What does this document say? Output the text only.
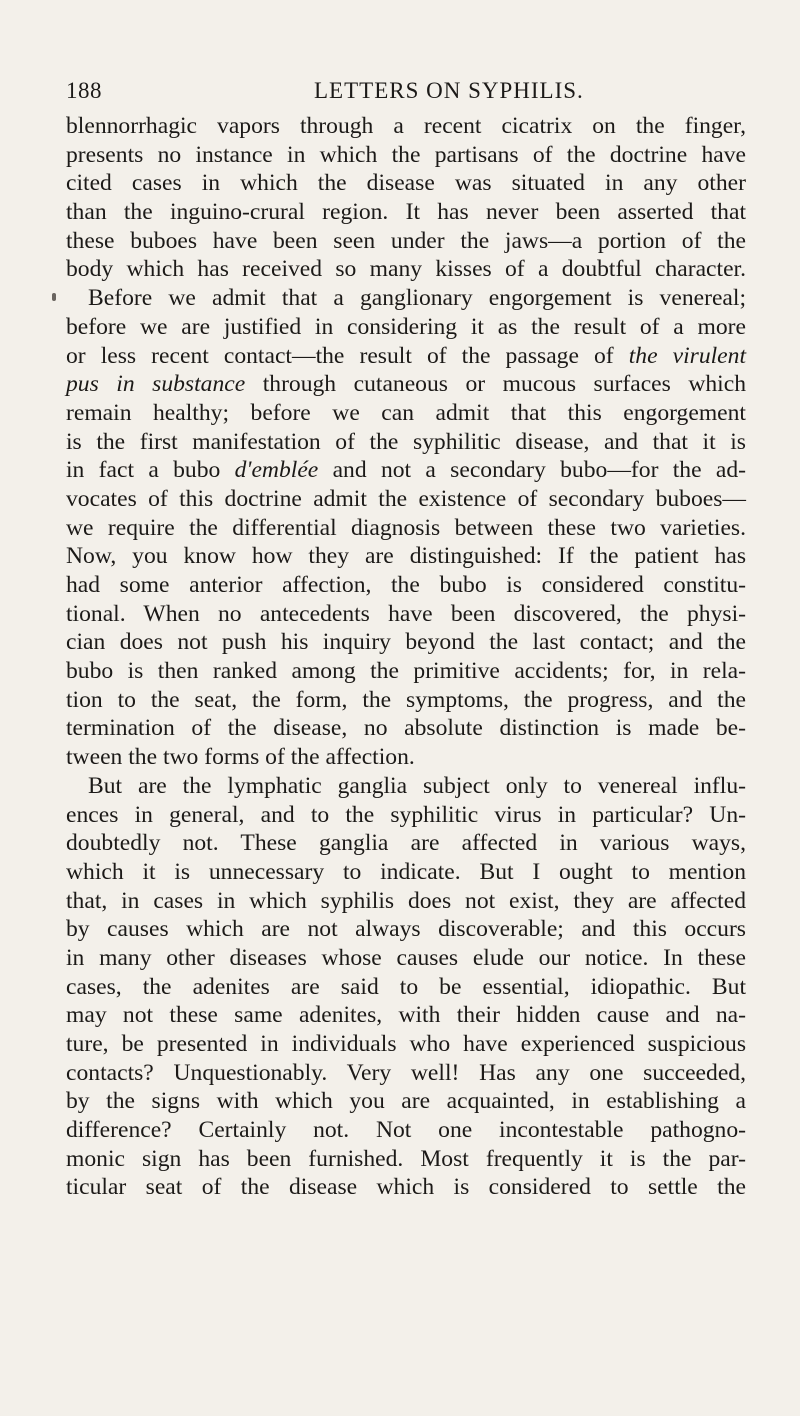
188	LETTERS ON SYPHILIS.
blennorrhagic vapors through a recent cicatrix on the finger,
presents no instance in which the partisans of the doctrine have
cited cases in which the disease was situated in any other
than the inguino-crural region. It has never been asserted that
these buboes have been seen under the jaws—a portion of the
body which has received so many kisses of a doubtful character.
Before we admit that a ganglionary engorgement is venereal;
before we are justified in considering it as the result of a more
or less recent contact—the result of the passage of the virulent
pus in substance through cutaneous or mucous surfaces which
remain healthy; before we can admit that this engorgement
is the first manifestation of the syphilitic disease, and that it is
in fact a bubo d'emblée and not a secondary bubo—for the ad-
vocates of this doctrine admit the existence of secondary buboes—
we require the differential diagnosis between these two varieties.
Now, you know how they are distinguished: If the patient has
had some anterior affection, the bubo is considered constitu-
tional. When no antecedents have been discovered, the physi-
cian does not push his inquiry beyond the last contact; and the
bubo is then ranked among the primitive accidents; for, in rela-
tion to the seat, the form, the symptoms, the progress, and the
termination of the disease, no absolute distinction is made be-
tween the two forms of the affection.
But are the lymphatic ganglia subject only to venereal influ-
ences in general, and to the syphilitic virus in particular? Un-
doubtedly not. These ganglia are affected in various ways,
which it is unnecessary to indicate. But I ought to mention
that, in cases in which syphilis does not exist, they are affected
by causes which are not always discoverable; and this occurs
in many other diseases whose causes elude our notice. In these
cases, the adenites are said to be essential, idiopathic. But
may not these same adenites, with their hidden cause and na-
ture, be presented in individuals who have experienced suspicious
contacts? Unquestionably. Very well! Has any one succeeded,
by the signs with which you are acquainted, in establishing a
difference? Certainly not. Not one incontestable pathogno-
monic sign has been furnished. Most frequently it is the par-
ticular seat of the disease which is considered to settle the
